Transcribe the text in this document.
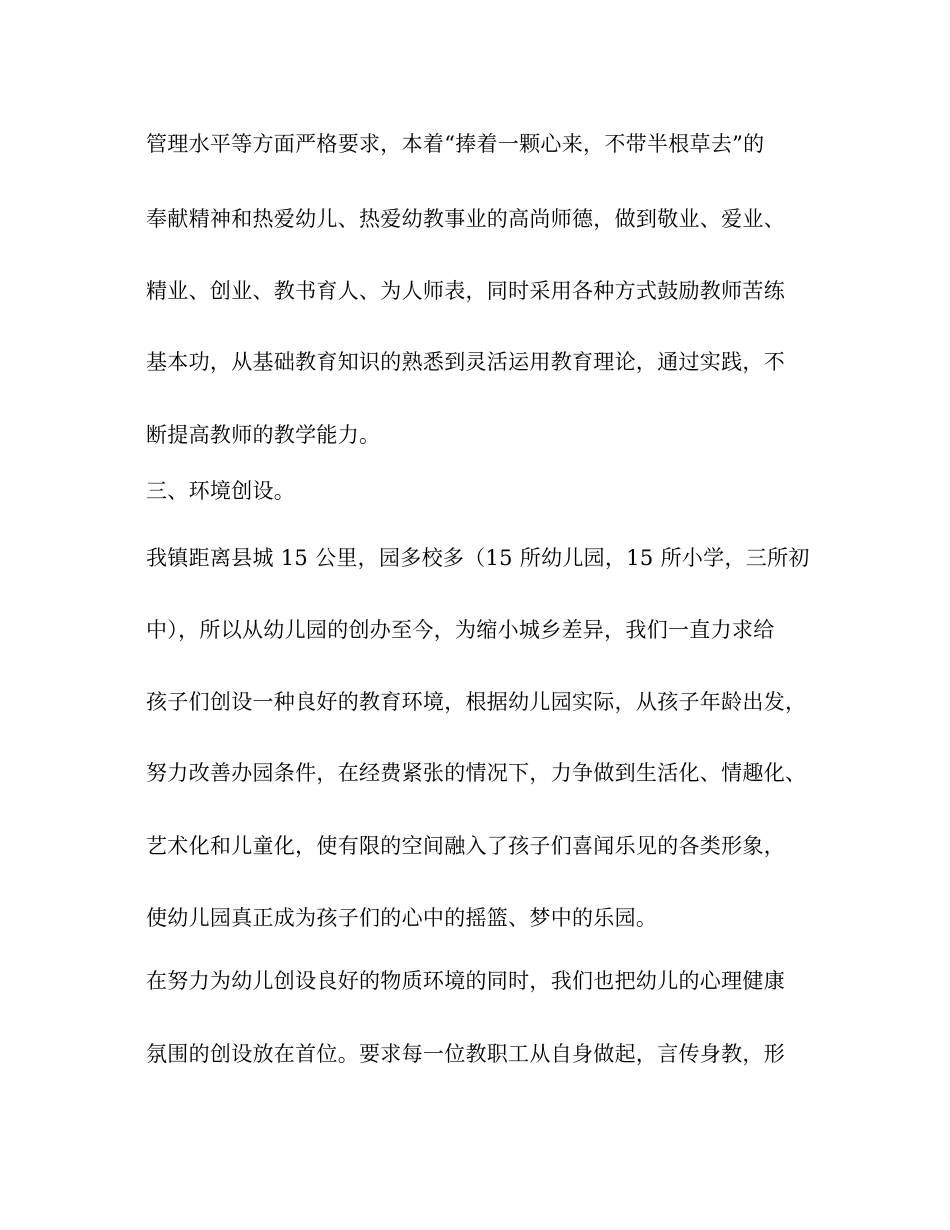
管理水平等方面严格要求，本着“捧着一颗心来，不带半根草去”的
奉献精神和热爱幼儿、热爱幼教事业的高尚师德，做到敬业、爱业、
精业、创业、教书育人、为人师表，同时采用各种方式鼓励教师苦练
基本功，从基础教育知识的熟悉到灵活运用教育理论，通过实践，不
断提高教师的教学能力。
三、环境创设。
我镇距离县城 15 公里，园多校多（15 所幼儿园，15 所小学，三所初
中），所以从幼儿园的创办至今，为缩小城乡差异，我们一直力求给
孩子们创设一种良好的教育环境，根据幼儿园实际，从孩子年龄出发，
努力改善办园条件，在经费紧张的情况下，力争做到生活化、情趣化、
艺术化和儿童化，使有限的空间融入了孩子们喜闻乐见的各类形象，
使幼儿园真正成为孩子们的心中的摇篮、梦中的乐园。
在努力为幼儿创设良好的物质环境的同时，我们也把幼儿的心理健康
氛围的创设放在首位。要求每一位教职工从自身做起，言传身教，形
